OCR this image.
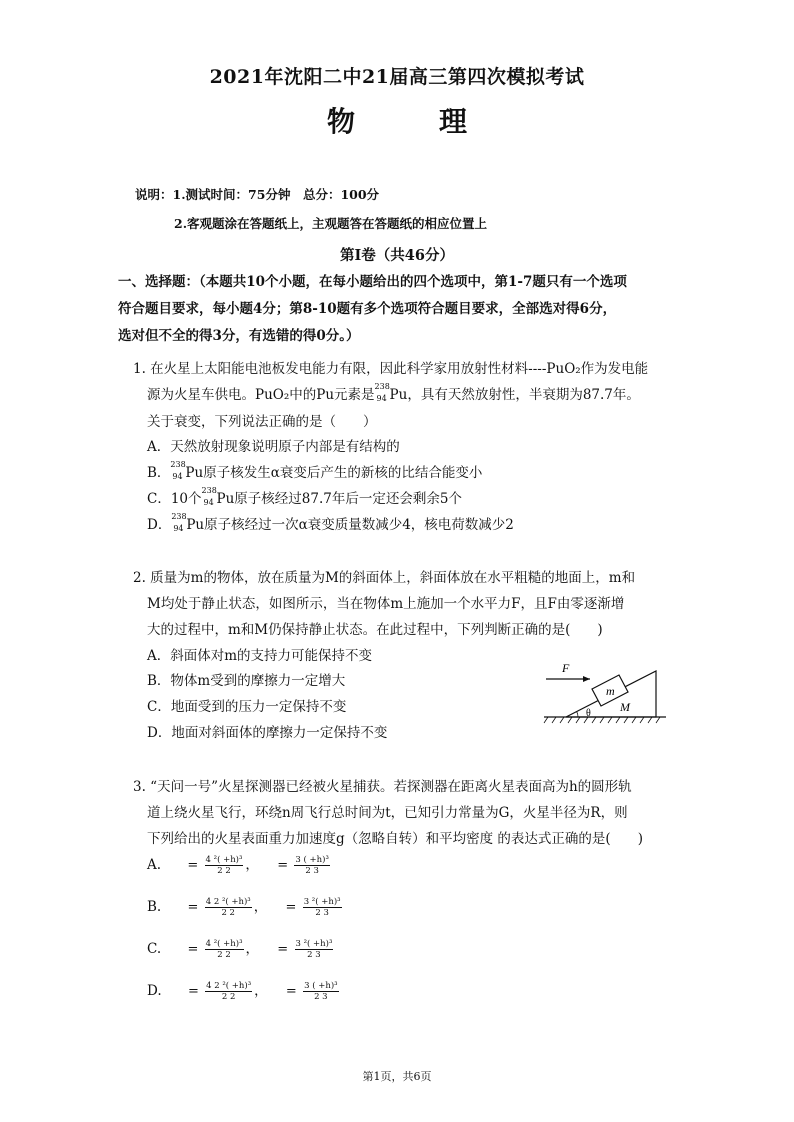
2021年沈阳二中21届高三第四次模拟考试
物　　　理
说明：1.测试时间：75分钟　总分：100分
2.客观题涂在答题纸上，主观题答在答题纸的相应位置上
第Ⅰ卷（共46分）
一、选择题：（本题共10个小题，在每小题给出的四个选项中，第1-7题只有一个选项
符合题目要求，每小题4分；第8-10题有多个选项符合题目要求，全部选对得6分，
选对但不全的得3分，有选错的得0分。）
1. 在火星上太阳能电池板发电能力有限，因此科学家用放射性材料----PuO₂作为发电能
源为火星车供电。PuO₂中的Pu元素是
238
94 Pu，具有天然放射性，半衰期为87.7年。
关于衰变，下列说法正确的是（　　）
A．天然放射现象说明原子内部是有结构的
B．
238
94 Pu原子核发生α衰变后产生的新核的比结合能变小
C．10个
238
94 Pu原子核经过87.7年后一定还会剩余5个
D．
238
94 Pu原子核经过一次α衰变质量数减少4，核电荷数减少2
2. 质量为m的物体，放在质量为M的斜面体上，斜面体放在水平粗糙的地面上，m和
M均处于静止状态，如图所示，当在物体m上施加一个水平力F，且F由零逐渐增
大的过程中，m和M仍保持静止状态。在此过程中，下列判断正确的是(　　)
A．斜面体对m的支持力可能保持不变
B．物体m受到的摩擦力一定增大
C．地面受到的压力一定保持不变
D．地面对斜面体的摩擦力一定保持不变
F
m
M
θ
3. “天问一号”火星探测器已经被火星捕获。若探测器在距离火星表面高为h的圆形轨
道上绕火星飞行，环绕n周飞行总时间为t，已知引力常量为G，火星半径为R，则
下列给出的火星表面重力加速度g（忽略自转）和平均密度 的表达式正确的是(　　)
A. = $\frac{\text{4 ²( +h)³}}{2 2}$ ， = $\frac{\text{3 ( +h)³}}{2 3}$
B. = $\frac{\text{4 2 ²( +h)³}}{2 2}$ ， = $\frac{\text{3 ²( +h)³}}{2 3}$
C. = $\frac{\text{4 ²( +h)³}}{2 2}$ ， = $\frac{\text{3 ²( +h)³}}{2 3}$
D. = $\frac{\text{4 2 ²( +h)³}}{2 2}$ ， = $\frac{\text{3 ( +h)³}}{2 3}$
第1页，共6页
